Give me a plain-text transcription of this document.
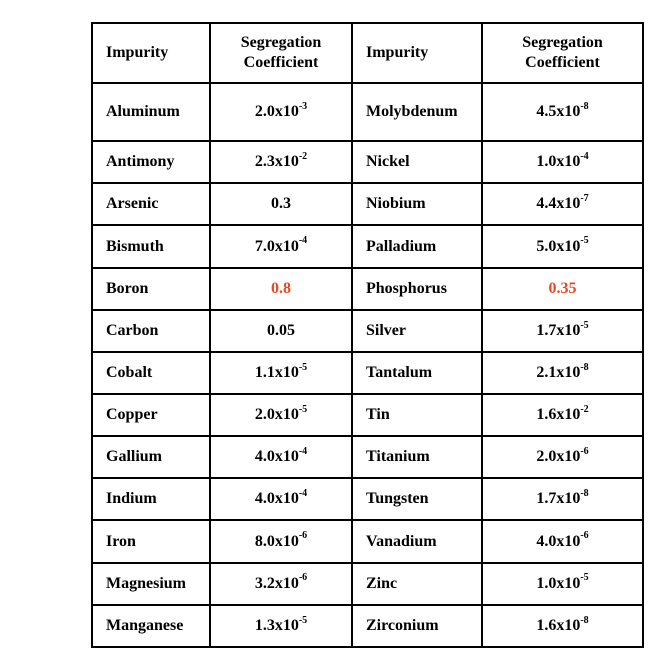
Impurity	Segregation Coefficient	Impurity	Segregation Coefficient
Aluminum	$2.0x10^{-3}$	Molybdenum	$4.5x10^{-8}$
Antimony	$2.3x10^{-2}$	Nickel	$1.0x10^{-4}$
Arsenic	0.3	Niobium	$4.4x10^{-7}$
Bismuth	$7.0x10^{-4}$	Palladium	$5.0x10^{-5}$
Boron	0.8	Phosphorus	0.35
Carbon	0.05	Silver	$1.7x10^{-5}$
Cobalt	$1.1x10^{-5}$	Tantalum	$2.1x10^{-8}$
Copper	$2.0x10^{-5}$	Tin	$1.6x10^{-2}$
Gallium	$4.0x10^{-4}$	Titanium	$2.0x10^{-6}$
Indium	$4.0x10^{-4}$	Tungsten	$1.7x10^{-8}$
Iron	$8.0x10^{-6}$	Vanadium	$4.0x10^{-6}$
Magnesium	$3.2x10^{-6}$	Zinc	$1.0x10^{-5}$
Manganese	$1.3x10^{-5}$	Zirconium	$1.6x10^{-8}$
